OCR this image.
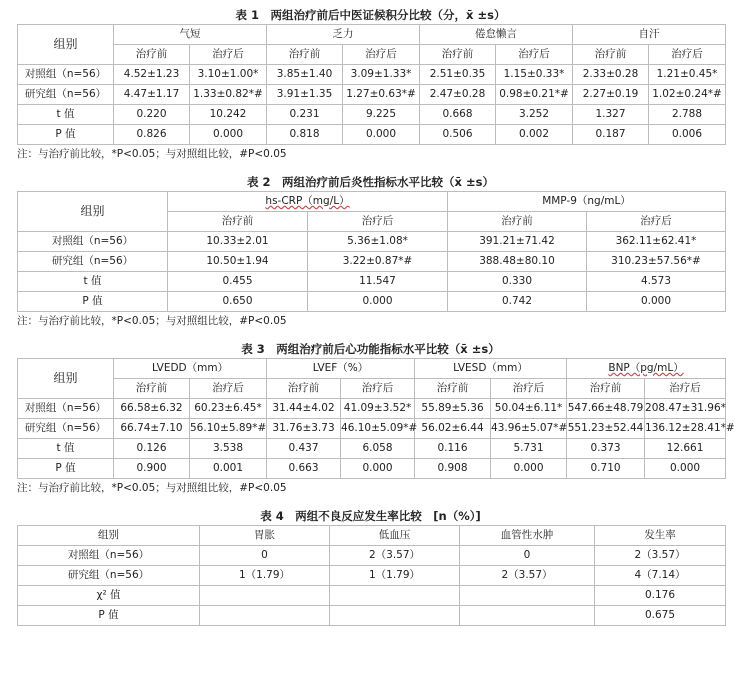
表 1　两组治疗前后中医证候积分比较（分，x̄ ±s）
组别	气短		乏力		倦怠懒言		自汗	
	治疗前	治疗后	治疗前	治疗后	治疗前	治疗后	治疗前	治疗后
对照组（n=56）	4.52±1.23	3.10±1.00*	3.85±1.40	3.09±1.33*	2.51±0.35	1.15±0.33*	2.33±0.28	1.21±0.45*
研究组（n=56）	4.47±1.17	1.33±0.82*#	3.91±1.35	1.27±0.63*#	2.47±0.28	0.98±0.21*#	2.27±0.19	1.02±0.24*#
t 值	0.220	10.242	0.231	9.225	0.668	3.252	1.327	2.788
P 值	0.826	0.000	0.818	0.000	0.506	0.002	0.187	0.006
注：与治疗前比较，*P<0.05；与对照组比较，#P<0.05
表 2　两组治疗前后炎性指标水平比较（x̄ ±s）
组别	hs-CRP（mg/L）		MMP-9（ng/mL）	
	治疗前	治疗后	治疗前	治疗后
对照组（n=56）	10.33±2.01	5.36±1.08*	391.21±71.42	362.11±62.41*
研究组（n=56）	10.50±1.94	3.22±0.87*#	388.48±80.10	310.23±57.56*#
t 值	0.455	11.547	0.330	4.573
P 值	0.650	0.000	0.742	0.000
注：与治疗前比较，*P<0.05；与对照组比较，#P<0.05
表 3　两组治疗前后心功能指标水平比较（x̄ ±s）
组别	LVEDD（mm）		LVEF（%）		LVESD（mm）		BNP（pg/mL）	
	治疗前	治疗后	治疗前	治疗后	治疗前	治疗后	治疗前	治疗后
对照组（n=56）	66.58±6.32	60.23±6.45*	31.44±4.02	41.09±3.52*	55.89±5.36	50.04±6.11*	547.66±48.79	208.47±31.96*
研究组（n=56）	66.74±7.10	56.10±5.89*#	31.76±3.73	46.10±5.09*#	56.02±6.44	43.96±5.07*#	551.23±52.44	136.12±28.41*#
t 值	0.126	3.538	0.437	6.058	0.116	5.731	0.373	12.661
P 值	0.900	0.001	0.663	0.000	0.908	0.000	0.710	0.000
注：与治疗前比较，*P<0.05；与对照组比较，#P<0.05
表 4　两组不良反应发生率比较　[n（%）]
组别	胃胀	低血压	血管性水肿	发生率
对照组（n=56）	0	2（3.57）	0	2（3.57）
研究组（n=56）	1（1.79）	1（1.79）	2（3.57）	4（7.14）
χ² 值				0.176
P 值				0.675
